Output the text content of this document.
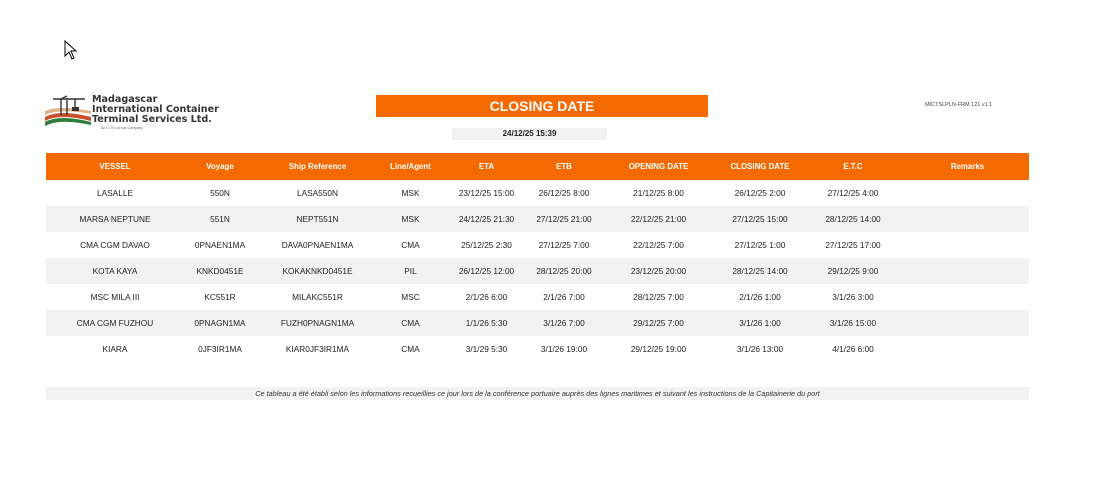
Madagascar
International Container
Terminal Services Ltd.
An ICTSI Group Company
CLOSING DATE
24/12/25 15:39
MICTSLPLN-FRM 121 v1.1
VESSEL	Voyage	Ship Reference	Line/Agent	ETA	ETB	OPENING DATE	CLOSING DATE	E.T.C	Remarks
LASALLE	550N	LASA550N	MSK	23/12/25 15:00	26/12/25 8:00	21/12/25 8:00	26/12/25 2:00	27/12/25 4:00
MARSA NEPTUNE	551N	NEPT551N	MSK	24/12/25 21:30	27/12/25 21:00	22/12/25 21:00	27/12/25 15:00	28/12/25 14:00
CMA CGM DAVAO	0PNAEN1MA	DAVA0PNAEN1MA	CMA	25/12/25 2:30	27/12/25 7:00	22/12/25 7:00	27/12/25 1:00	27/12/25 17:00
KOTA KAYA	KNKD0451E	KOKAKNKD0451E	PIL	26/12/25 12:00	28/12/25 20:00	23/12/25 20:00	28/12/25 14:00	29/12/25 9:00
MSC MILA III	KC551R	MILAKC551R	MSC	2/1/26 6:00	2/1/26 7:00	28/12/25 7:00	2/1/26 1:00	3/1/26 3:00
CMA CGM FUZHOU	0PNAGN1MA	FUZH0PNAGN1MA	CMA	1/1/26 5:30	3/1/26 7:00	29/12/25 7:00	3/1/26 1:00	3/1/26 15:00
KIARA	0JF3IR1MA	KIAR0JF3IR1MA	CMA	3/1/29 5:30	3/1/26 19:00	29/12/25 19:00	3/1/26 13:00	4/1/26 6:00
Ce tableau a été établi selon les informations recueillies ce jour lors de la conférence portuaire auprès des lignes maritimes et suivant les instructions de la Capitainerie du port
